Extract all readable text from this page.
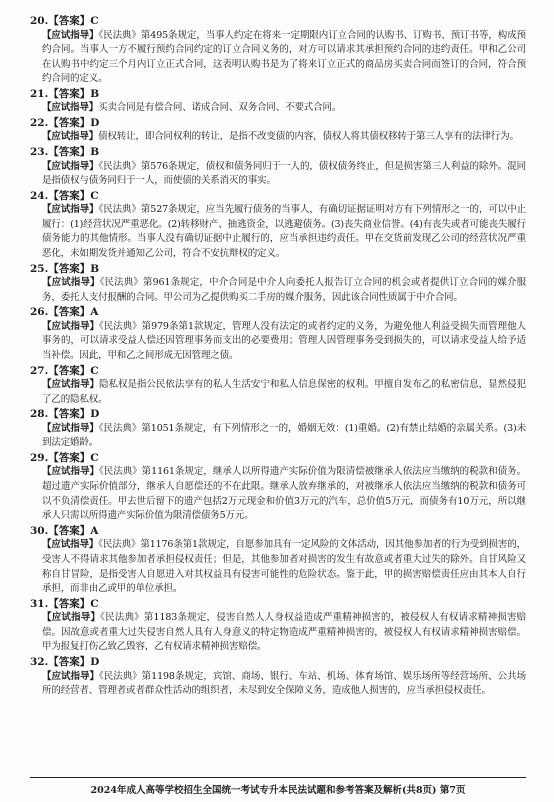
20.【答案】C
【应试指导】《民法典》第495条规定，当事人约定在将来一定期限内订立合同的认购书、订购书、预订书等，构成预约合同。当事人一方不履行预约合同约定的订立合同义务的，对方可以请求其承担预约合同的违约责任。甲和乙公司在认购书中约定三个月内订立正式合同，这表明认购书是为了将来订立正式的商品房买卖合同而签订的合同，符合预约合同的定义。
21.【答案】B
【应试指导】买卖合同是有偿合同、诺成合同、双务合同、不要式合同。
22.【答案】D
【应试指导】债权转让，即合同权利的转让，是指不改变债的内容，债权人将其债权移转于第三人享有的法律行为。
23.【答案】B
【应试指导】《民法典》第576条规定，债权和债务同归于一人的，债权债务终止，但是损害第三人利益的除外。混同是指债权与债务同归于一人，而使债的关系消灭的事实。
24.【答案】C
【应试指导】《民法典》第527条规定，应当先履行债务的当事人，有确切证据证明对方有下列情形之一的，可以中止履行：(1)经营状况严重恶化。(2)转移财产、抽逃资金，以逃避债务。(3)丧失商业信誉。(4)有丧失或者可能丧失履行债务能力的其他情形。当事人没有确切证据中止履行的，应当承担违约责任。甲在交货前发现乙公司的经营状况严重恶化，未如期发货并通知乙公司，符合不安抗辩权的定义。
25.【答案】B
【应试指导】《民法典》第961条规定，中介合同是中介人向委托人报告订立合同的机会或者提供订立合同的媒介服务，委托人支付报酬的合同。甲公司为乙提供购买二手房的媒介服务，因此该合同性质属于中介合同。
26.【答案】A
【应试指导】《民法典》第979条第1款规定，管理人没有法定的或者约定的义务，为避免他人利益受损失而管理他人事务的，可以请求受益人偿还因管理事务而支出的必要费用；管理人因管理事务受到损失的，可以请求受益人给予适当补偿。因此，甲和乙之间形成无因管理之债。
27.【答案】C
【应试指导】隐私权是指公民依法享有的私人生活安宁和私人信息保密的权利。甲擅自发布乙的私密信息，显然侵犯了乙的隐私权。
28.【答案】D
【应试指导】《民法典》第1051条规定，有下列情形之一的，婚姻无效：(1)重婚。(2)有禁止结婚的亲属关系。(3)未到法定婚龄。
29.【答案】C
【应试指导】《民法典》第1161条规定，继承人以所得遗产实际价值为限清偿被继承人依法应当缴纳的税款和债务。超过遗产实际价值部分，继承人自愿偿还的不在此限。继承人放弃继承的，对被继承人依法应当缴纳的税款和债务可以不负清偿责任。甲去世后留下的遗产包括2万元现金和价值3万元的汽车，总价值5万元，而债务有10万元，所以继承人只需以所得遗产实际价值为限清偿债务5万元。
30.【答案】A
【应试指导】《民法典》第1176条第1款规定，自愿参加具有一定风险的文体活动，因其他参加者的行为受到损害的，受害人不得请求其他参加者承担侵权责任；但是，其他参加者对损害的发生有故意或者重大过失的除外。自甘风险又称自甘冒险，是指受害人自愿进入对其权益具有侵害可能性的危险状态。鉴于此，甲的损害赔偿责任应由其本人自行承担，而非由乙或甲的单位承担。
31.【答案】C
【应试指导】《民法典》第1183条规定，侵害自然人人身权益造成严重精神损害的，被侵权人有权请求精神损害赔偿。因故意或者重大过失侵害自然人具有人身意义的特定物造成严重精神损害的，被侵权人有权请求精神损害赔偿。甲为报复打伤乙致乙毁容，乙有权请求精神损害赔偿。
32.【答案】D
【应试指导】《民法典》第1198条规定，宾馆、商场、银行、车站、机场、体育场馆、娱乐场所等经营场所、公共场所的经营者、管理者或者群众性活动的组织者，未尽到安全保障义务，造成他人损害的，应当承担侵权责任。
2024年成人高等学校招生全国统一考试专升本民法试题和参考答案及解析(共8页) 第7页
